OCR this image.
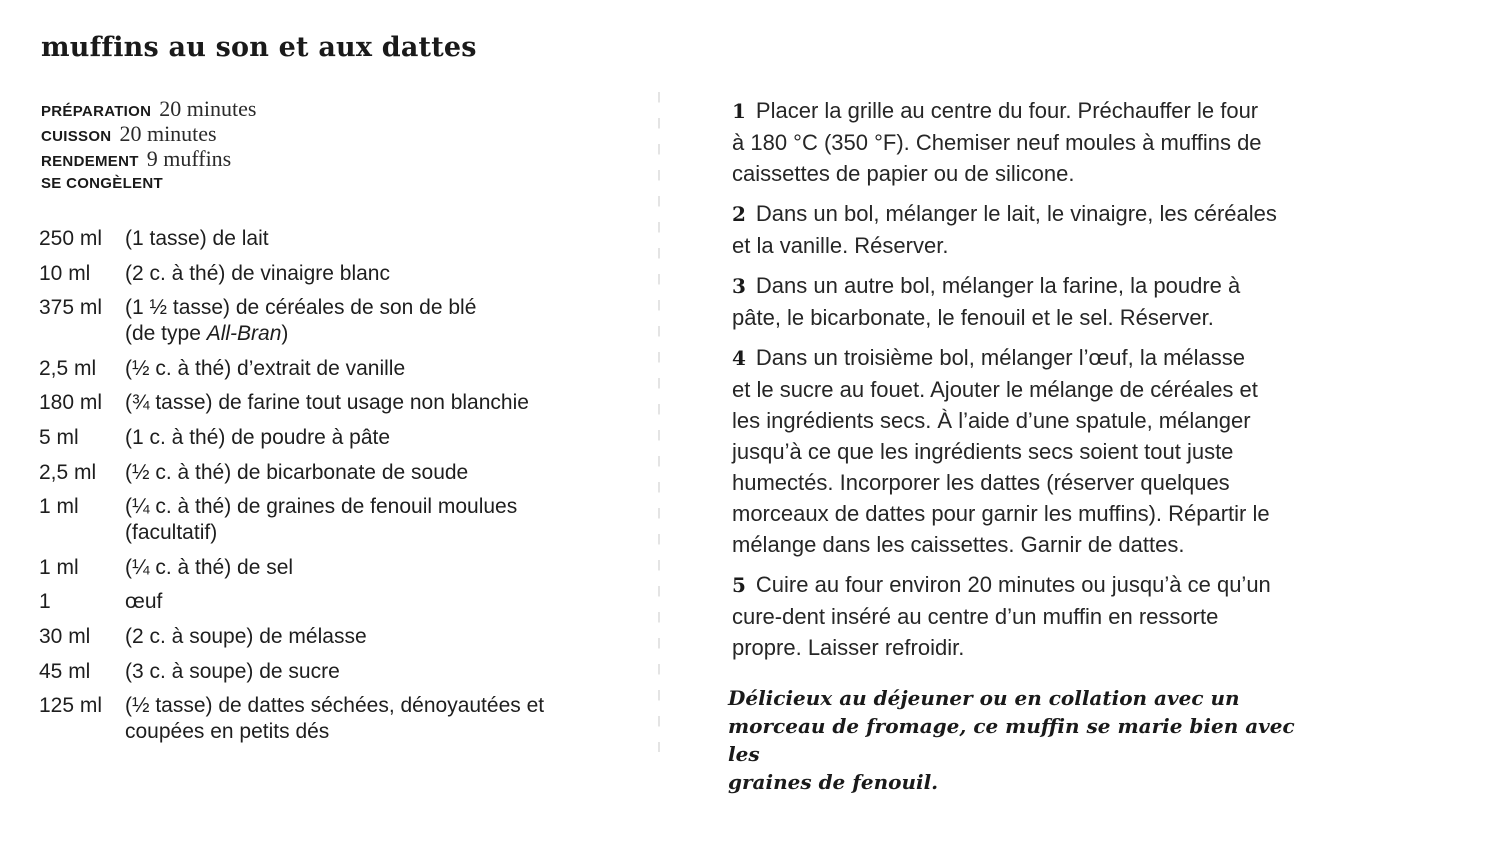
muffins au son et aux dattes
PRÉPARATION 20 minutes
CUISSON 20 minutes
RENDEMENT 9 muffins
SE CONGÈLENT
250 ml	(1 tasse) de lait
10 ml	(2 c. à thé) de vinaigre blanc
375 ml	(1 ½ tasse) de céréales de son de blé
(de type All-Bran)
2,5 ml	(½ c. à thé) d’extrait de vanille
180 ml	(¾ tasse) de farine tout usage non blanchie
5 ml	(1 c. à thé) de poudre à pâte
2,5 ml	(½ c. à thé) de bicarbonate de soude
1 ml	(¼ c. à thé) de graines de fenouil moulues
(facultatif)
1 ml	(¼ c. à thé) de sel
1	œuf
30 ml	(2 c. à soupe) de mélasse
45 ml	(3 c. à soupe) de sucre
125 ml	(½ tasse) de dattes séchées, dénoyautées et
coupées en petits dés
1 Placer la grille au centre du four. Préchauffer le four
à 180 °C (350 °F). Chemiser neuf moules à muffins de
caissettes de papier ou de silicone.
2 Dans un bol, mélanger le lait, le vinaigre, les céréales
et la vanille. Réserver.
3 Dans un autre bol, mélanger la farine, la poudre à
pâte, le bicarbonate, le fenouil et le sel. Réserver.
4 Dans un troisième bol, mélanger l’œuf, la mélasse
et le sucre au fouet. Ajouter le mélange de céréales et
les ingrédients secs. À l’aide d’une spatule, mélanger
jusqu’à ce que les ingrédients secs soient tout juste
humectés. Incorporer les dattes (réserver quelques
morceaux de dattes pour garnir les muffins). Répartir le
mélange dans les caissettes. Garnir de dattes.
5 Cuire au four environ 20 minutes ou jusqu’à ce qu’un
cure-dent inséré au centre d’un muffin en ressorte
propre. Laisser refroidir.

Délicieux au déjeuner ou en collation avec un
morceau de fromage, ce muffin se marie bien avec les
graines de fenouil.
